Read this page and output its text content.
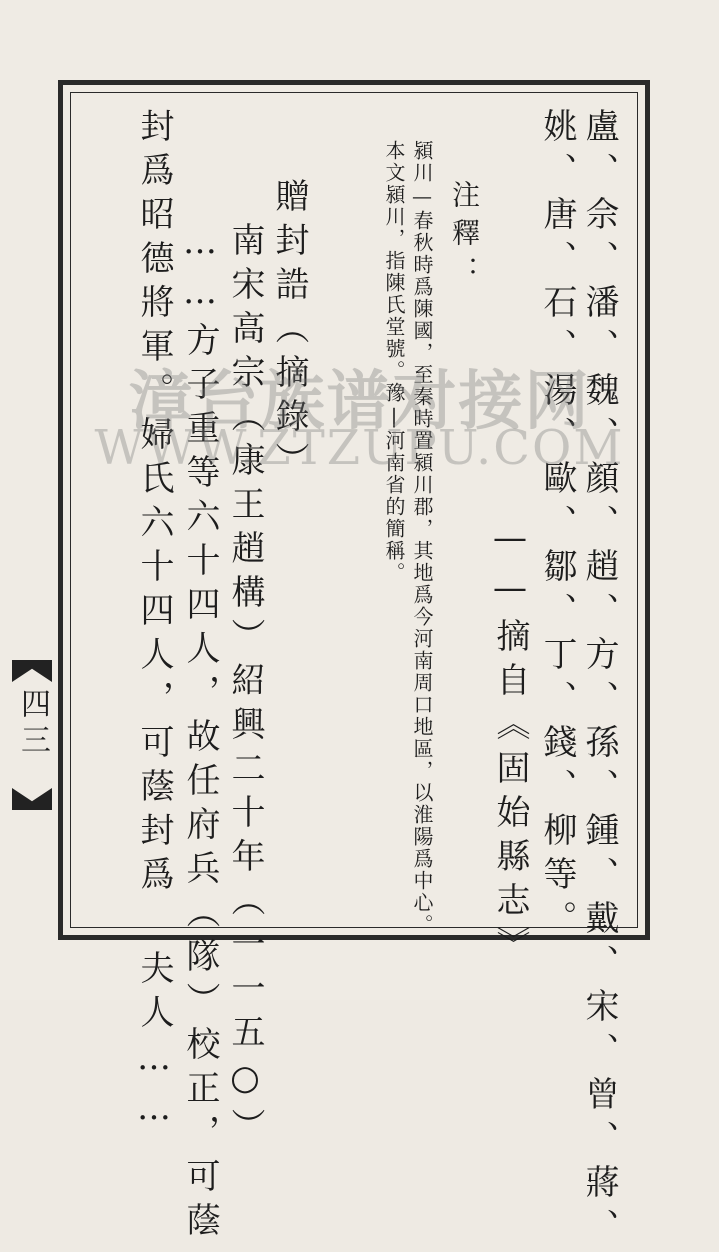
盧、佘、潘、魏、顔、趙、方、孫、鍾、戴、宋、曾、蔣、
姚、唐、石、湯、歐、鄒、丁、錢、柳等。
——摘自《固始縣志》
注釋：
潁川—春秋時爲陳國，至秦時置潁川郡，其地爲今河南周口地區，以淮陽爲中心。
本文潁川，指陳氏堂號。豫|河南省的簡稱。
贈封誥（摘錄）
南宋高宗（康王趙構）紹興二十年（一一五○）
……方子重等六十四人，故任府兵（隊）校正，可蔭
封爲昭德將軍。婦氏六十四人，可蔭封爲 夫人……
四三
漳台族谱对接网
WWW.ZTZUPU.COM
